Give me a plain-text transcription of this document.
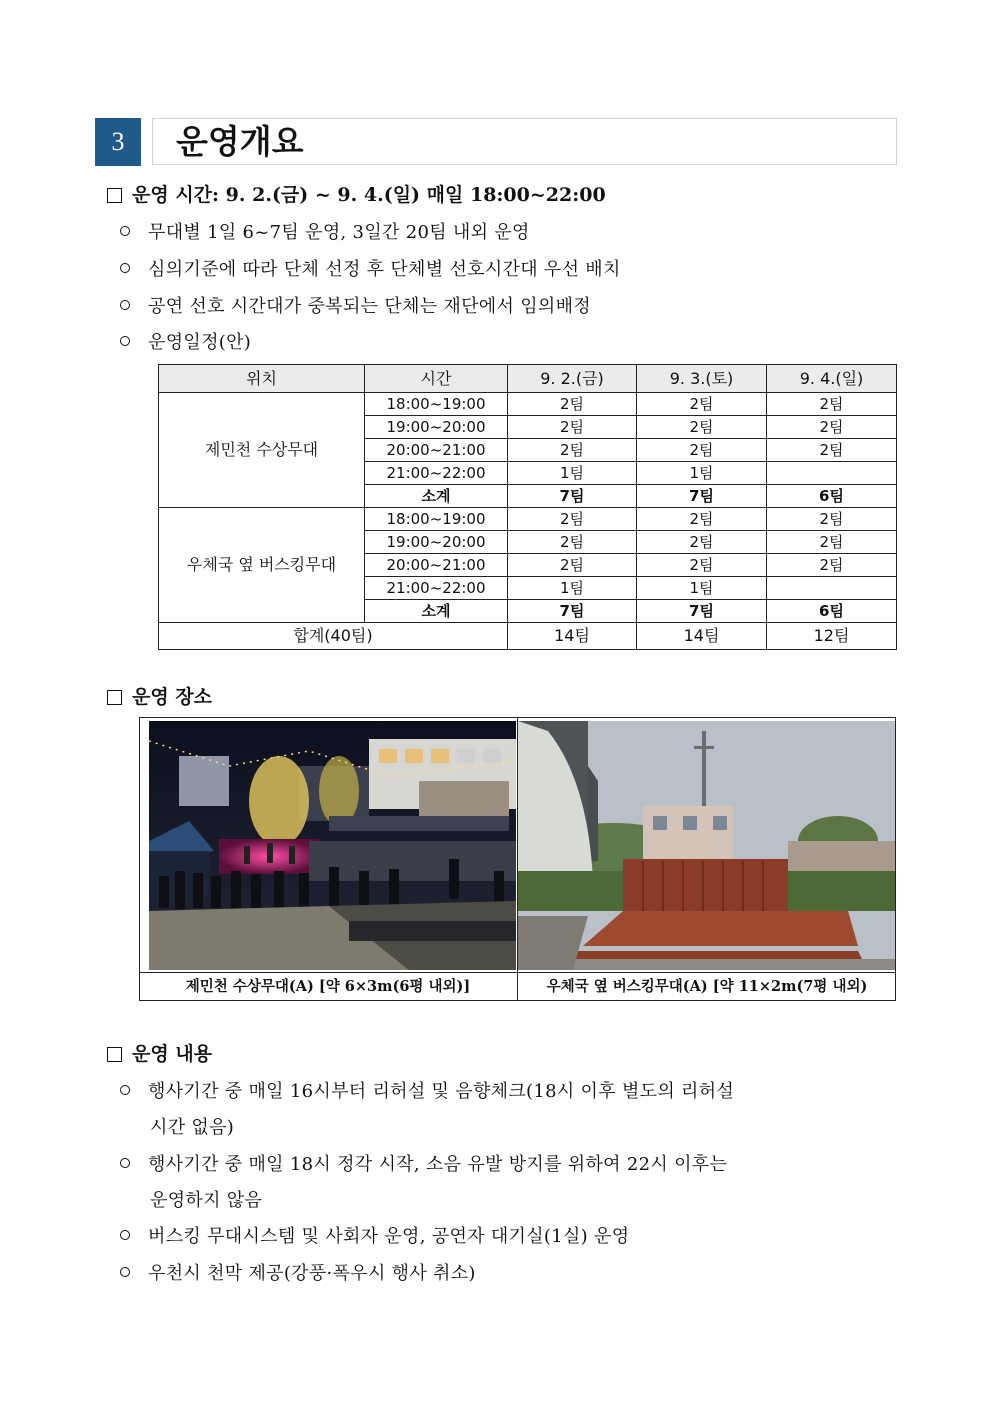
3	운영개요
운영 시간: 9. 2.(금) ~ 9. 4.(일) 매일 18:00~22:00
무대별 1일 6~7팀 운영, 3일간 20팀 내외 운영
심의기준에 따라 단체 선정 후 단체별 선호시간대 우선 배치
공연 선호 시간대가 중복되는 단체는 재단에서 임의배정
운영일정(안)
위치	시간	9. 2.(금)	9. 3.(토)	9. 4.(일)
제민천 수상무대	18:00~19:00	2팀	2팀	2팀
	19:00~20:00	2팀	2팀	2팀
	20:00~21:00	2팀	2팀	2팀
	21:00~22:00	1팀	1팀	
	소계	7팀	7팀	6팀
우체국 옆 버스킹무대	18:00~19:00	2팀	2팀	2팀
	19:00~20:00	2팀	2팀	2팀
	20:00~21:00	2팀	2팀	2팀
	21:00~22:00	1팀	1팀	
	소계	7팀	7팀	6팀
합계(40팀)		14팀	14팀	12팀
운영 장소
제민천 수상무대(A) [약 6×3m(6평 내외)]	우체국 옆 버스킹무대(A) [약 11×2m(7평 내외)
운영 내용
행사기간 중 매일 16시부터 리허설 및 음향체크(18시 이후 별도의 리허설
시간 없음)
행사기간 중 매일 18시 정각 시작, 소음 유발 방지를 위하여 22시 이후는
운영하지 않음
버스킹 무대시스템 및 사회자 운영, 공연자 대기실(1실) 운영
우천시 천막 제공(강풍·폭우시 행사 취소)
